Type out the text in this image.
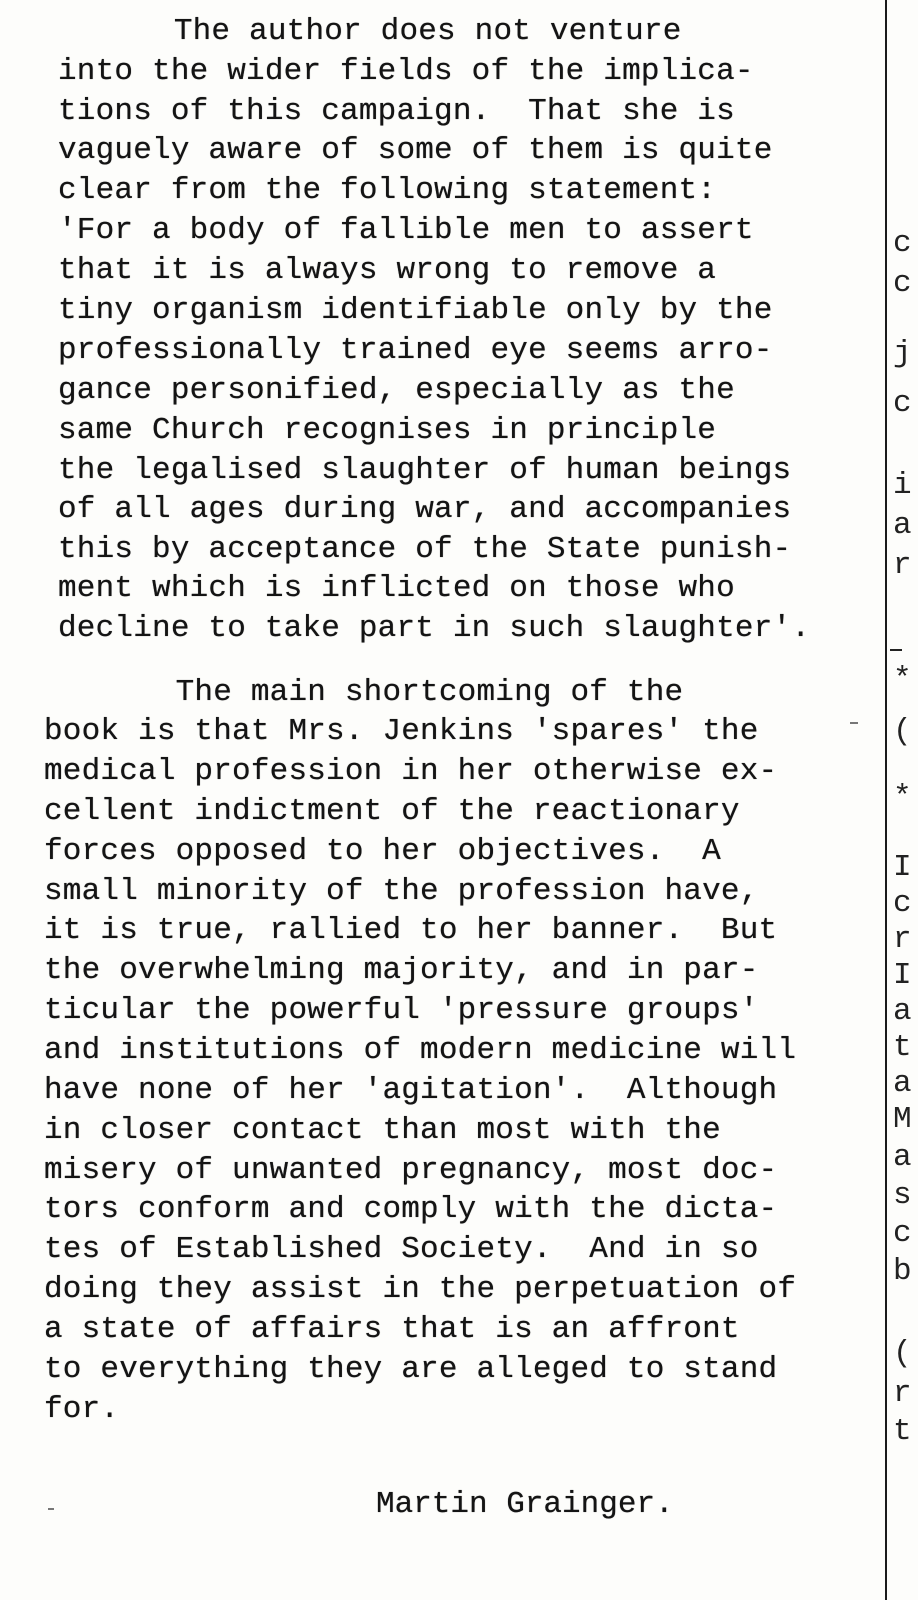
The author does not venture
into the wider fields of the implica-
tions of this campaign.  That she is
vaguely aware of some of them is quite
clear from the following statement:
'For a body of fallible men to assert
that it is always wrong to remove a
tiny organism identifiable only by the
professionally trained eye seems arro-
gance personified, especially as the
same Church recognises in principle
the legalised slaughter of human beings
of all ages during war, and accompanies
this by acceptance of the State punish-
ment which is inflicted on those who
decline to take part in such slaughter'.
The main shortcoming of the
book is that Mrs. Jenkins 'spares' the
medical profession in her otherwise ex-
cellent indictment of the reactionary
forces opposed to her objectives.  A
small minority of the profession have,
it is true, rallied to her banner.  But
the overwhelming majority, and in par-
ticular the powerful 'pressure groups'
and institutions of modern medicine will
have none of her 'agitation'.  Although
in closer contact than most with the
misery of unwanted pregnancy, most doc-
tors conform and comply with the dicta-
tes of Established Society.  And in so
doing they assist in the perpetuation of
a state of affairs that is an affront
to everything they are alleged to stand
for.
Martin Grainger.
c
c
j
c
i
a
r
*
(
*
I
c
r
I
a
t
a
M
a
s
c
b
(
r
t
